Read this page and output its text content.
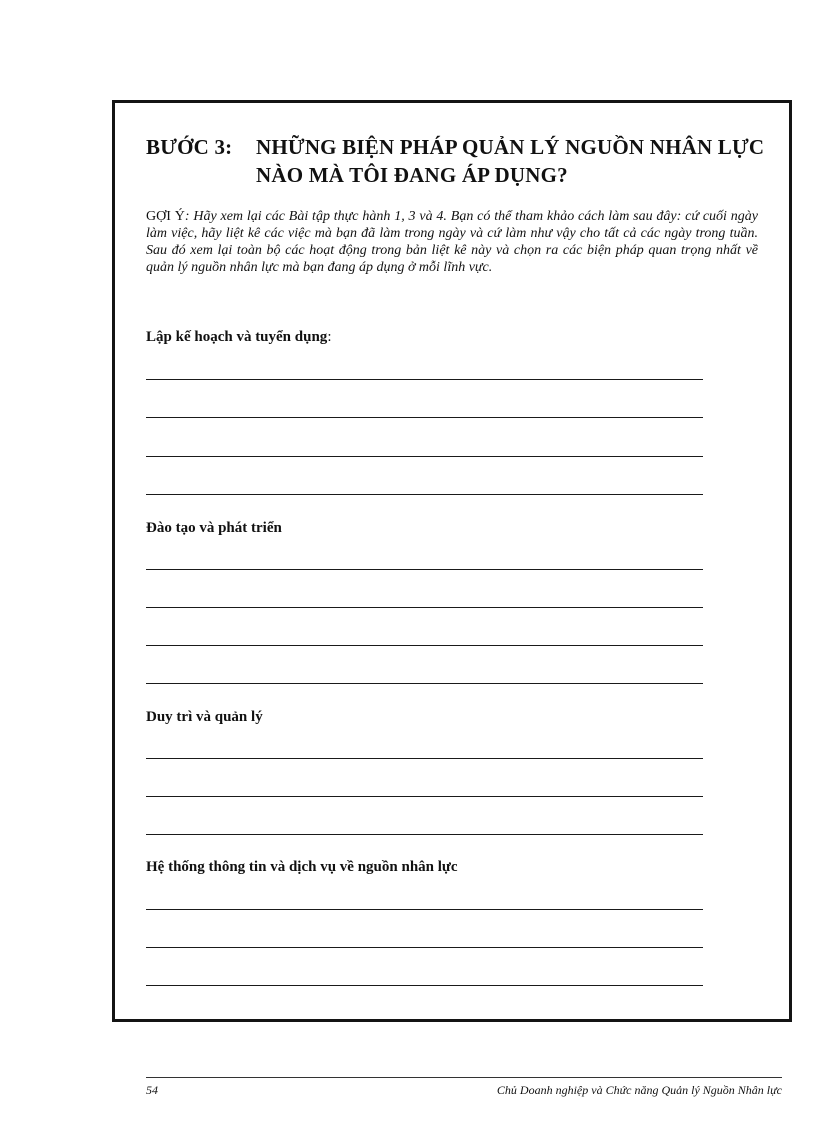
BƯỚC 3: NHỮNG BIỆN PHÁP QUẢN LÝ NGUỒN NHÂN LỰC
NÀO MÀ TÔI ĐANG ÁP DỤNG?

GỢI Ý: Hãy xem lại các Bài tập thực hành 1, 3 và 4. Bạn có thể tham khảo cách làm sau đây: cứ cuối ngày làm việc, hãy liệt kê các việc mà bạn đã làm trong ngày và cứ làm như vậy cho tất cả các ngày trong tuần. Sau đó xem lại toàn bộ các hoạt động trong bản liệt kê này và chọn ra các biện pháp quan trọng nhất về quản lý nguồn nhân lực mà bạn đang áp dụng ở mỗi lĩnh vực.

Lập kế hoạch và tuyển dụng:
Đào tạo và phát triển
Duy trì và quản lý
Hệ thống thông tin và dịch vụ về nguồn nhân lực
54	Chủ Doanh nghiệp và Chức năng Quản lý Nguồn Nhân lực
